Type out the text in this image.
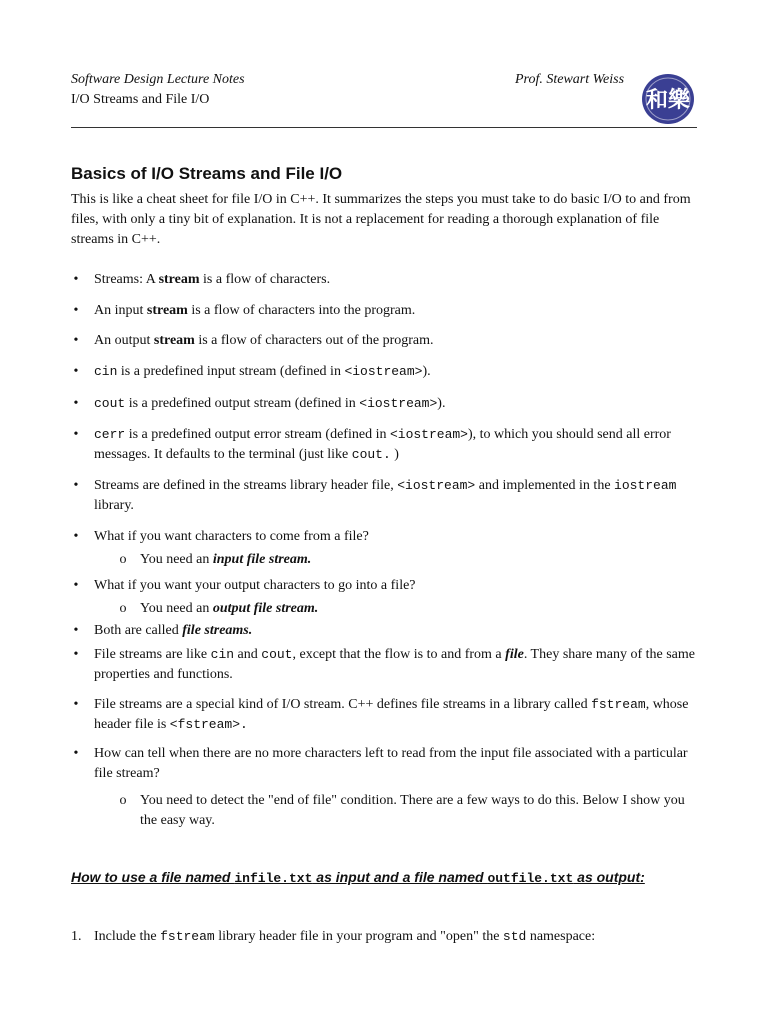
Software Design Lecture Notes
I/O Streams and File I/O
Prof. Stewart Weiss
和樂
Basics of I/O Streams and File I/O

This is like a cheat sheet for file I/O in C++. It summarizes the steps you must take to do basic I/O to and from files, with only a tiny bit of explanation. It is not a replacement for reading a thorough explanation of file streams in C++.

• Streams: A stream is a flow of characters.
• An input stream is a flow of characters into the program.
• An output stream is a flow of characters out of the program.
• cin is a predefined input stream (defined in <iostream>).
• cout is a predefined output stream (defined in <iostream>).
• cerr is a predefined output error stream (defined in <iostream>), to which you should send all error messages. It defaults to the terminal (just like cout. )
• Streams are defined in the streams library header file, <iostream> and implemented in the iostream library.
• What if you want characters to come from a file?
o You need an input file stream.
• What if you want your output characters to go into a file?
o You need an output file stream.
• Both are called file streams.
• File streams are like cin and cout, except that the flow is to and from a file. They share many of the same properties and functions.
• File streams are a special kind of I/O stream. C++ defines file streams in a library called fstream, whose header file is <fstream>.
• How can tell when there are no more characters left to read from the input file associated with a particular file stream?
o You need to detect the "end of file" condition. There are a few ways to do this. Below I show you the easy way.
How to use a file named infile.txt as input and a file named outfile.txt as output:
1. Include the fstream library header file in your program and "open" the std namespace:
